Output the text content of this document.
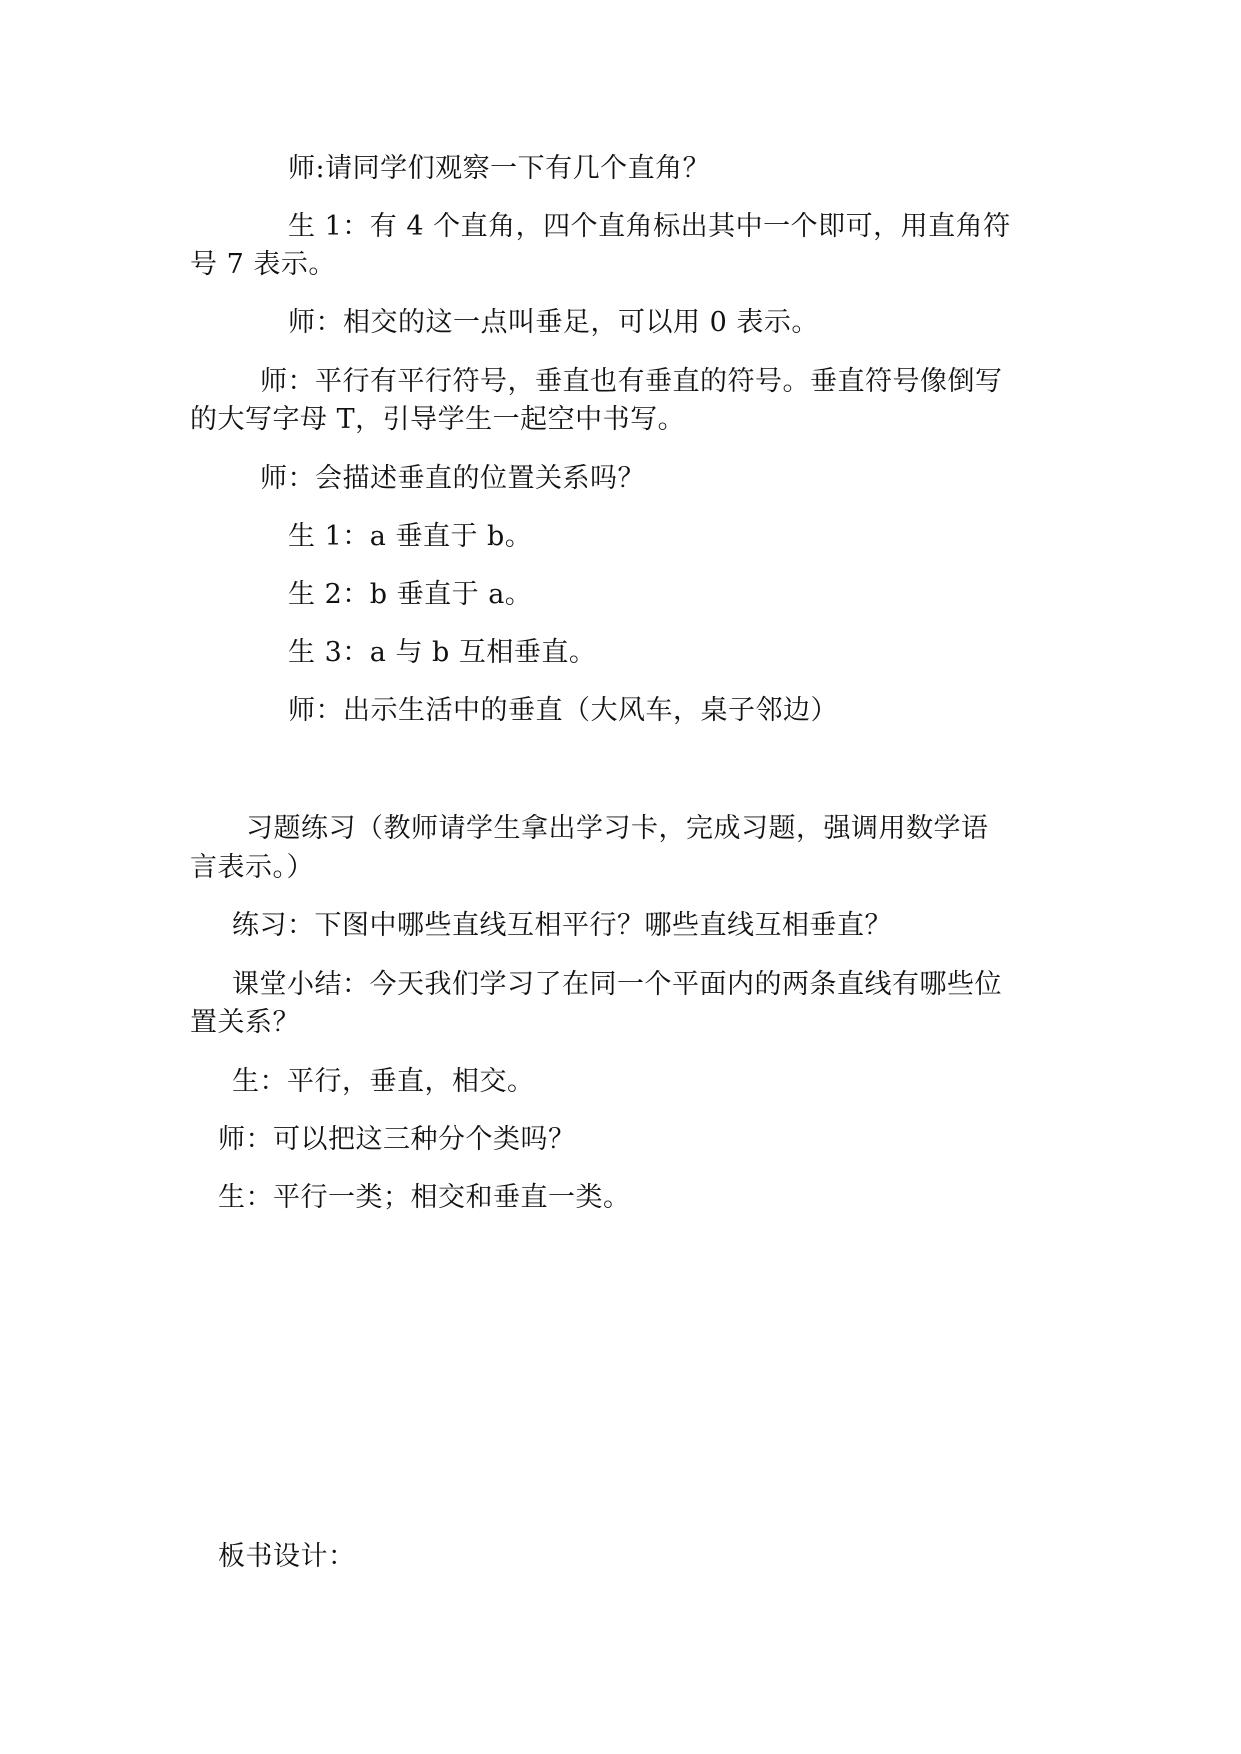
师:请同学们观察一下有几个直角？
生 1：有 4 个直角，四个直角标出其中一个即可，用直角符
号 7 表示。
师：相交的这一点叫垂足，可以用 0 表示。
师：平行有平行符号，垂直也有垂直的符号。垂直符号像倒写
的大写字母 T，引导学生一起空中书写。
师：会描述垂直的位置关系吗？
生 1：a 垂直于 b。
生 2：b 垂直于 a。
生 3：a 与 b 互相垂直。
师：出示生活中的垂直（大风车，桌子邻边）
习题练习（教师请学生拿出学习卡，完成习题，强调用数学语
言表示。）
练习：下图中哪些直线互相平行？哪些直线互相垂直？
课堂小结：今天我们学习了在同一个平面内的两条直线有哪些位
置关系？
生：平行，垂直，相交。
师：可以把这三种分个类吗？
生：平行一类；相交和垂直一类。
板书设计：
